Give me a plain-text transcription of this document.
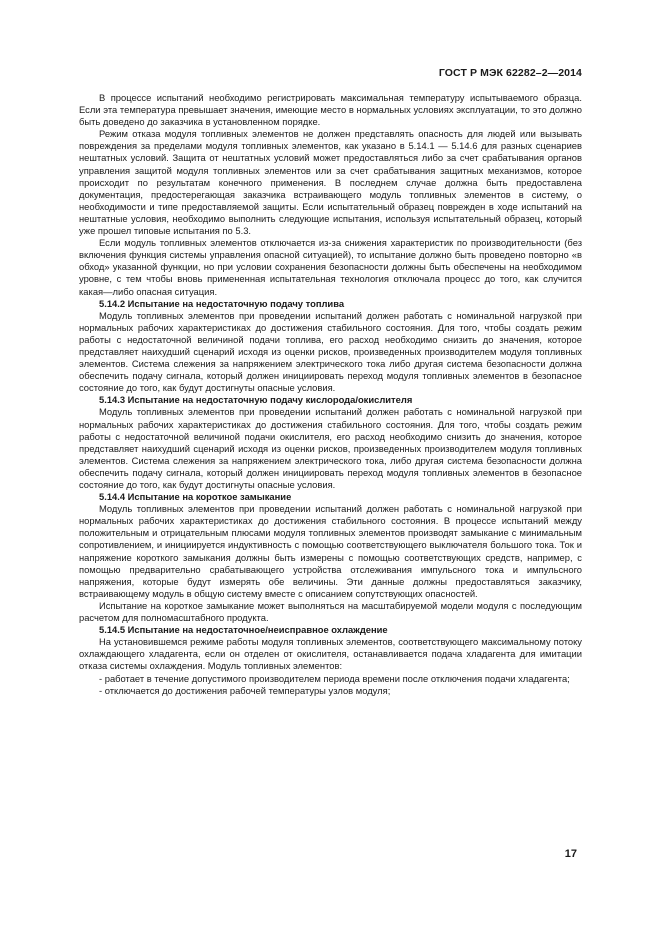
ГОСТ Р МЭК 62282–2—2014

В процессе испытаний необходимо регистрировать максимальная температуру испытываемого образца. Если эта температура превышает значения, имеющие место в нормальных условиях эксплуатации, то это должно быть доведено до заказчика в установленном порядке.

Режим отказа модуля топливных элементов не должен представлять опасность для людей или вызывать повреждения за пределами модуля топливных элементов, как указано в 5.14.1 — 5.14.6 для разных сценариев нештатных условий. Защита от нештатных условий может предоставляться либо за счет срабатывания органов управления защитой модуля топливных элементов или за счет срабатывания защитных механизмов, которое происходит по результатам конечного применения. В последнем случае должна быть предоставлена документация, предостерегающая заказчика встраивающего модуль топливных элементов в систему, о необходимости и типе предоставляемой защиты. Если испытательный образец поврежден в ходе испытаний на нештатные условия, необходимо выполнить следующие испытания, используя испытательный образец, который уже прошел типовые испытания по 5.3.

Если модуль топливных элементов отключается из-за снижения характеристик по производительности (без включения функция системы управления опасной ситуацией), то испытание должно быть проведено повторно «в обход» указанной функции, но при условии сохранения безопасности должны быть обеспечены на необходимом уровне, с тем чтобы вновь примененная испытательная технология отключала процесс до того, как случится какая—либо опасная ситуация.

5.14.2 Испытание на недостаточную подачу топлива

Модуль топливных элементов при проведении испытаний должен работать с номинальной нагрузкой при нормальных рабочих характеристиках до достижения стабильного состояния. Для того, чтобы создать режим работы с недостаточной величиной подачи топлива, его расход необходимо снизить до значения, которое представляет наихудший сценарий исходя из оценки рисков, произведенных производителем модуля топливных элементов. Система слежения за напряжением электрического тока либо другая система безопасности должна обеспечить подачу сигнала, который должен инициировать переход модуля топливных элементов в безопасное состояние до того, как будут достигнуты опасные условия.

5.14.3 Испытание на недостаточную подачу кислорода/окислителя

Модуль топливных элементов при проведении испытаний должен работать с номинальной нагрузкой при нормальных рабочих характеристиках до достижения стабильного состояния. Для того, чтобы создать режим работы с недостаточной величиной подачи окислителя, его расход необходимо снизить до значения, которое представляет наихудший сценарий исходя из оценки рисков, произведенных производителем модуля топливных элементов. Система слежения за напряжением электрического тока, либо другая система безопасности должна обеспечить подачу сигнала, который должен инициировать переход модуля топливных элементов в безопасное состояние до того, как будут достигнуты опасные условия.

5.14.4 Испытание на короткое замыкание

Модуль топливных элементов при проведении испытаний должен работать с номинальной нагрузкой при нормальных рабочих характеристиках до достижения стабильного состояния. В процессе испытаний между положительным и отрицательным плюсами модуля топливных элементов производят замыкание с минимальным сопротивлением, и инициируется индуктивность с помощью соответствующего выключателя большого тока. Ток и напряжение короткого замыкания должны быть измерены с помощью соответствующих средств, например, с помощью предварительно срабатывающего устройства отслеживания импульсного тока и импульсного напряжения, которые будут измерять обе величины. Эти данные должны предоставляться заказчику, встраивающему модуль в общую систему вместе с описанием сопутствующих опасностей.

Испытание на короткое замыкание может выполняться на масштабируемой модели модуля с последующим расчетом для полномасштабного продукта.

5.14.5 Испытание на недостаточное/неисправное охлаждение

На установившемся режиме работы модуля топливных элементов, соответствующего максимальному потоку охлаждающего хладагента, если он отделен от окислителя, останавливается подача хладагента для имитации отказа системы охлаждения. Модуль топливных элементов:

- работает в течение допустимого производителем периода времени после отключения подачи хладагента;

- отключается до достижения рабочей температуры узлов модуля;

17
